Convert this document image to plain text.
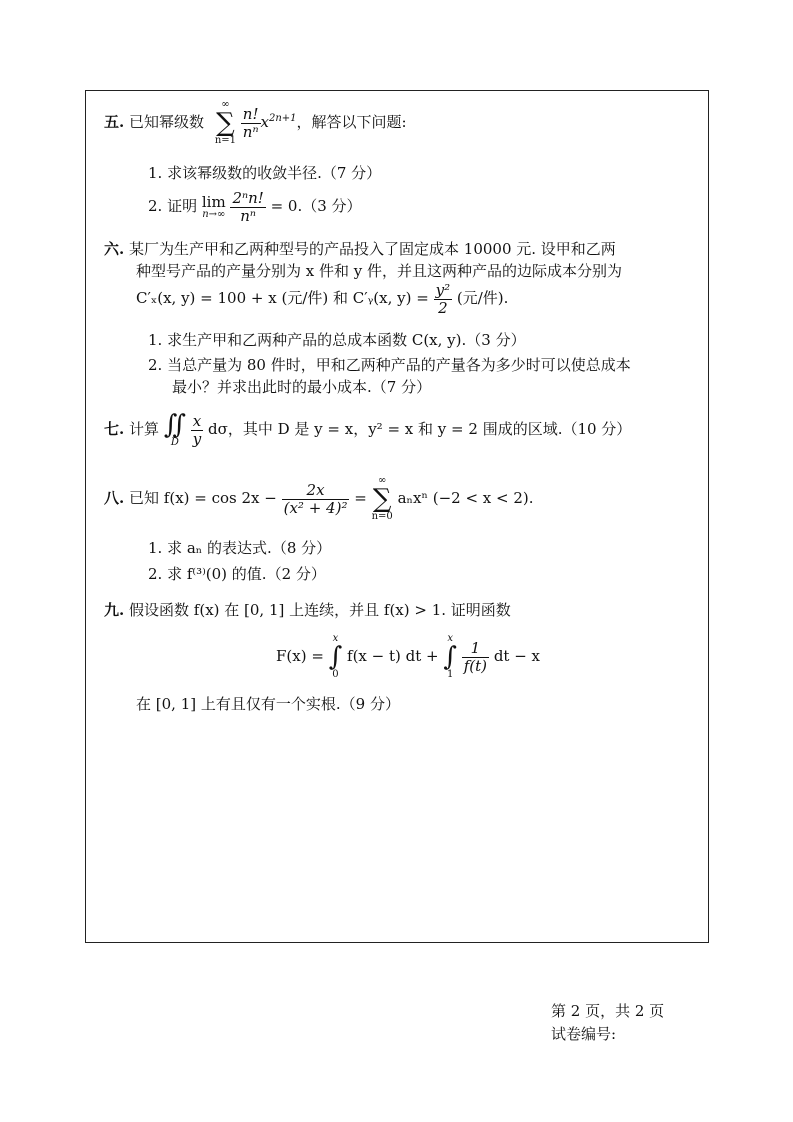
五. 已知幂级数
∞
∑
n=1

$\frac{n!}{\text{nⁿ}} x^{2n+1}$，解答以下问题:
1. 求该幂级数的收敛半径.（7 分）
2. 证明 lim
n→∞
$\frac{\text{2ⁿn!}}{\text{nⁿ}} = 0.(3$ 分）
六. 某厂为生产甲和乙两种型号的产品投入了固定成本 10000 元. 设甲和乙两
种型号产品的产量分别为 x 件和 y 件，并且这两种产品的边际成本分别为
C′ₓ(x, y) = 100 + x (元/件) 和 C′ᵧ(x, $y) = \frac{\text{y²}}{2}$ (元/件).
1. 求生产甲和乙两种产品的总成本函数 C(x, y).（3 分）
2. 当总产量为 80 件时，甲和乙两种产品的产量各为多少时可以使总成本
最小？并求出此时的最小成本.（7 分）
七. 计算 ∬
D
$\frac{x}{y}$ dσ，其中 D 是 y = x，y² = x 和 y = 2 围成的区域.（10 分）
八. 已知 $f(x) = \cos 2x - \frac{2x}{\text{(x² + 4)²}}$ =
∞
∑
n=0
aₙxⁿ (−2 < x < 2).
1. 求 aₙ 的表达式.（8 分）
2. 求 f⁽³⁾(0) 的值.（2 分）
九. 假设函数 f(x) 在 [0, 1] 上连续，并且 f(x) > 1. 证明函数
F(x) =
x
∫
0
f(x − t) dt +
x
∫
1

$\frac{1}{f(t)}$ dt − x
在 [0, 1] 上有且仅有一个实根.（9 分）
第 2 页，共 2 页
试卷编号:
